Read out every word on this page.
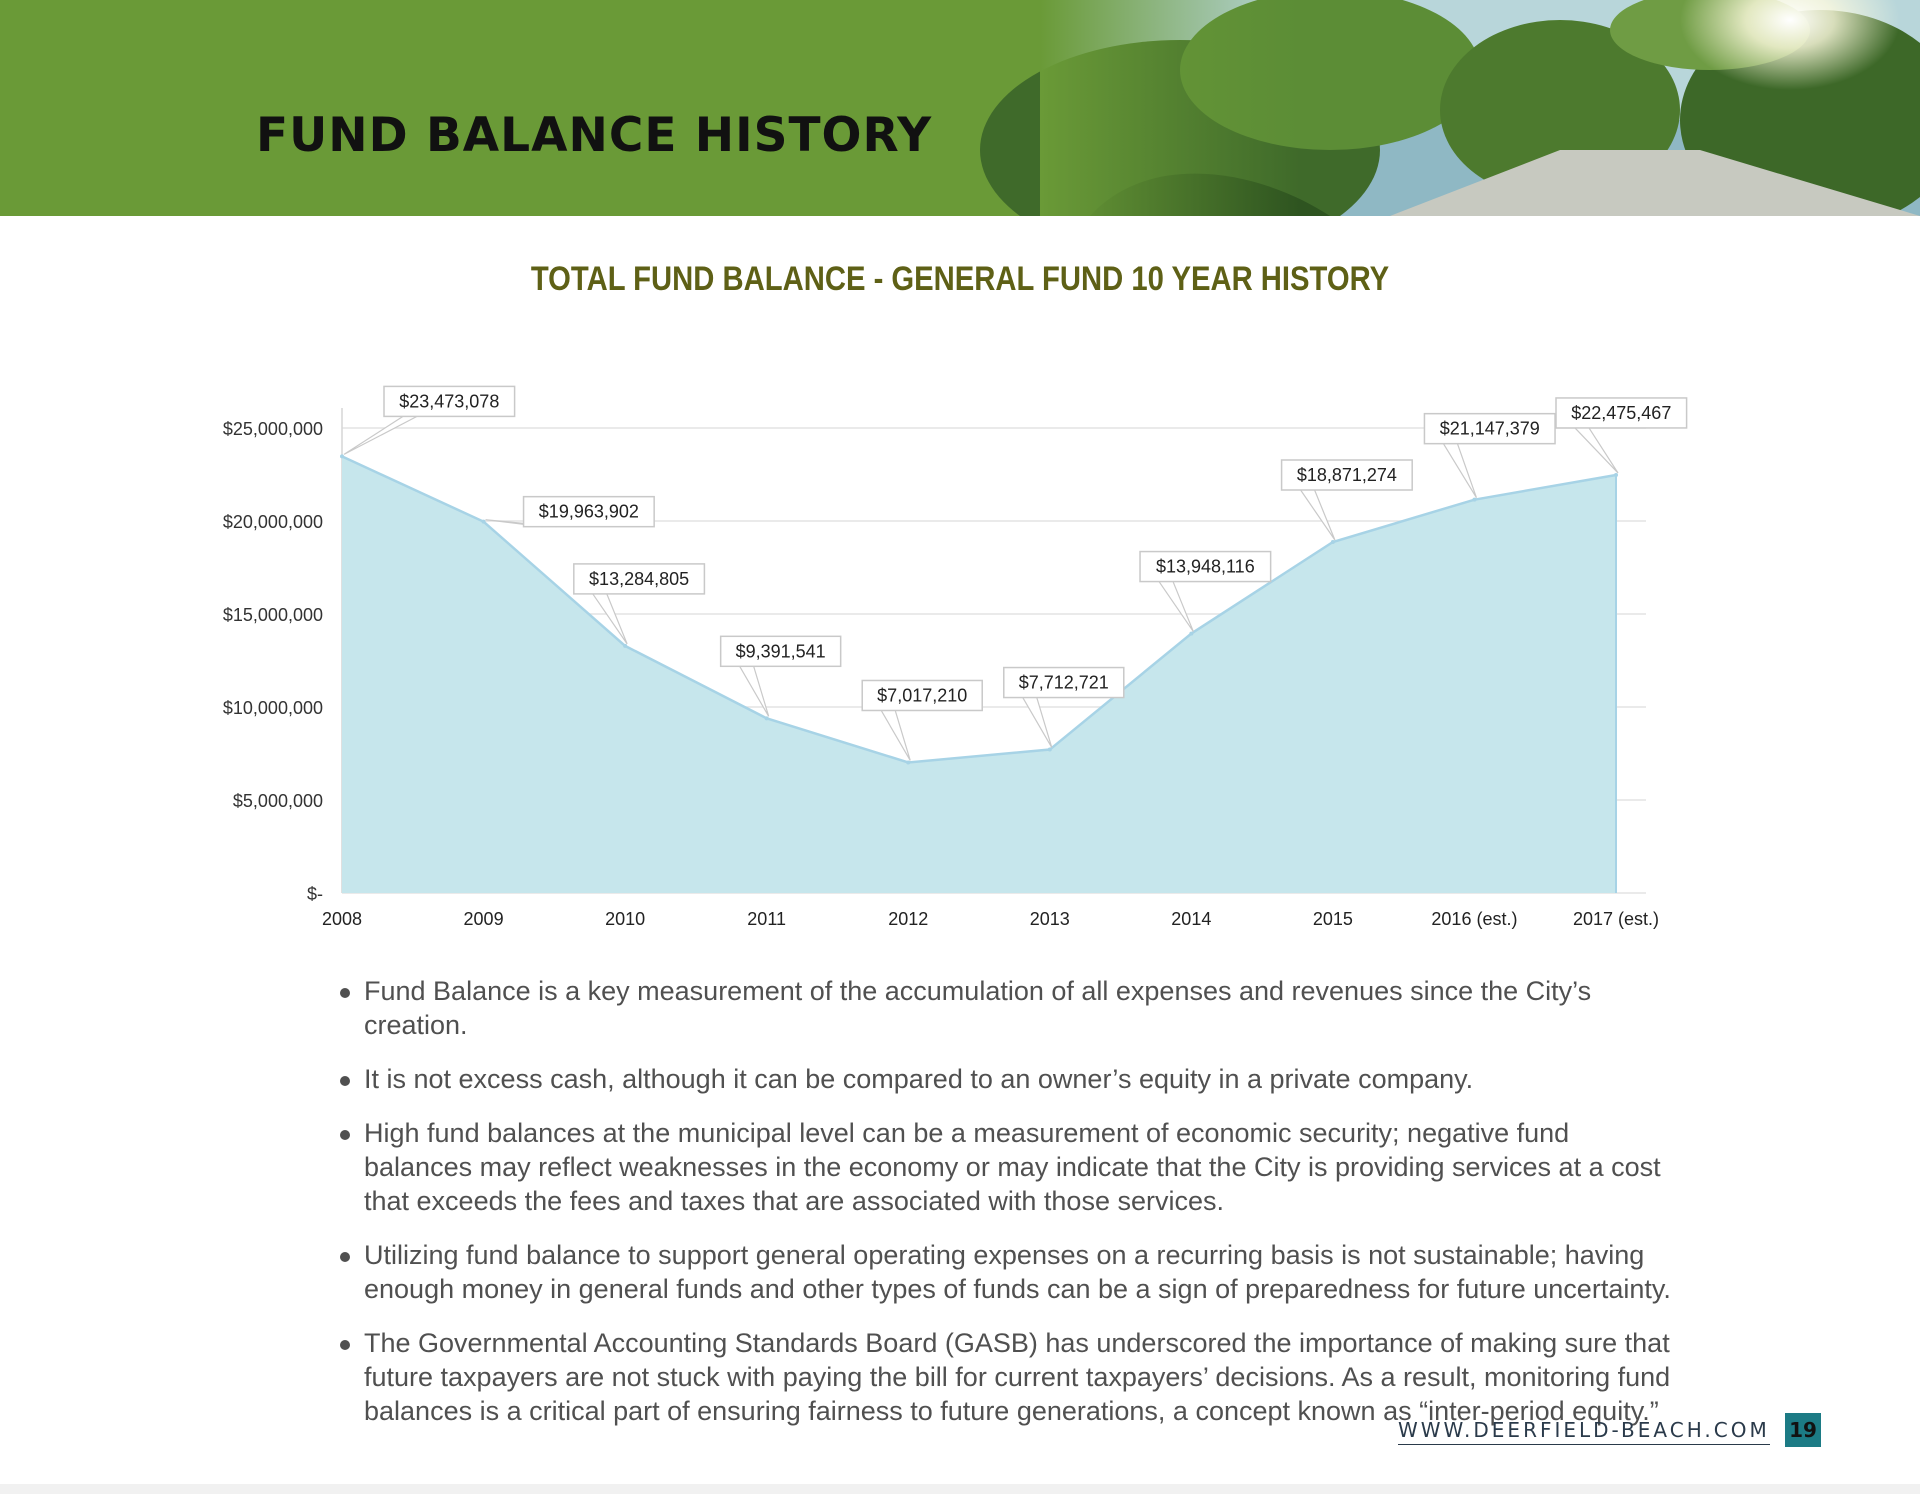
FUND BALANCE HISTORY
TOTAL FUND BALANCE - GENERAL FUND 10 YEAR HISTORY
$-
$5,000,000
$10,000,000
$15,000,000
$20,000,000
$25,000,000
2008	2009	2010	2011	2012	2013	2014	2015	2016 (est.)	2017 (est.)
$23,473,078
$19,963,902
$13,284,805
$9,391,541
$7,017,210
$7,712,721
$13,948,116
$18,871,274
$21,147,379
$22,475,467
Fund Balance is a key measurement of the accumulation of all expenses and revenues since the City’s creation.
It is not excess cash, although it can be compared to an owner’s equity in a private company.
High fund balances at the municipal level can be a measurement of economic security; negative fund balances may reflect weaknesses in the economy or may indicate that the City is providing services at a cost that exceeds the fees and taxes that are associated with those services.
Utilizing fund balance to support general operating expenses on a recurring basis is not sustainable; having enough money in general funds and other types of funds can be a sign of preparedness for future uncertainty.
The Governmental Accounting Standards Board (GASB) has underscored the importance of making sure that future taxpayers are not stuck with paying the bill for current taxpayers’ decisions. As a result, monitoring fund balances is a critical part of ensuring fairness to future generations, a concept known as “inter-period equity.”
WWW.DEERFIELD-BEACH.COM 19
